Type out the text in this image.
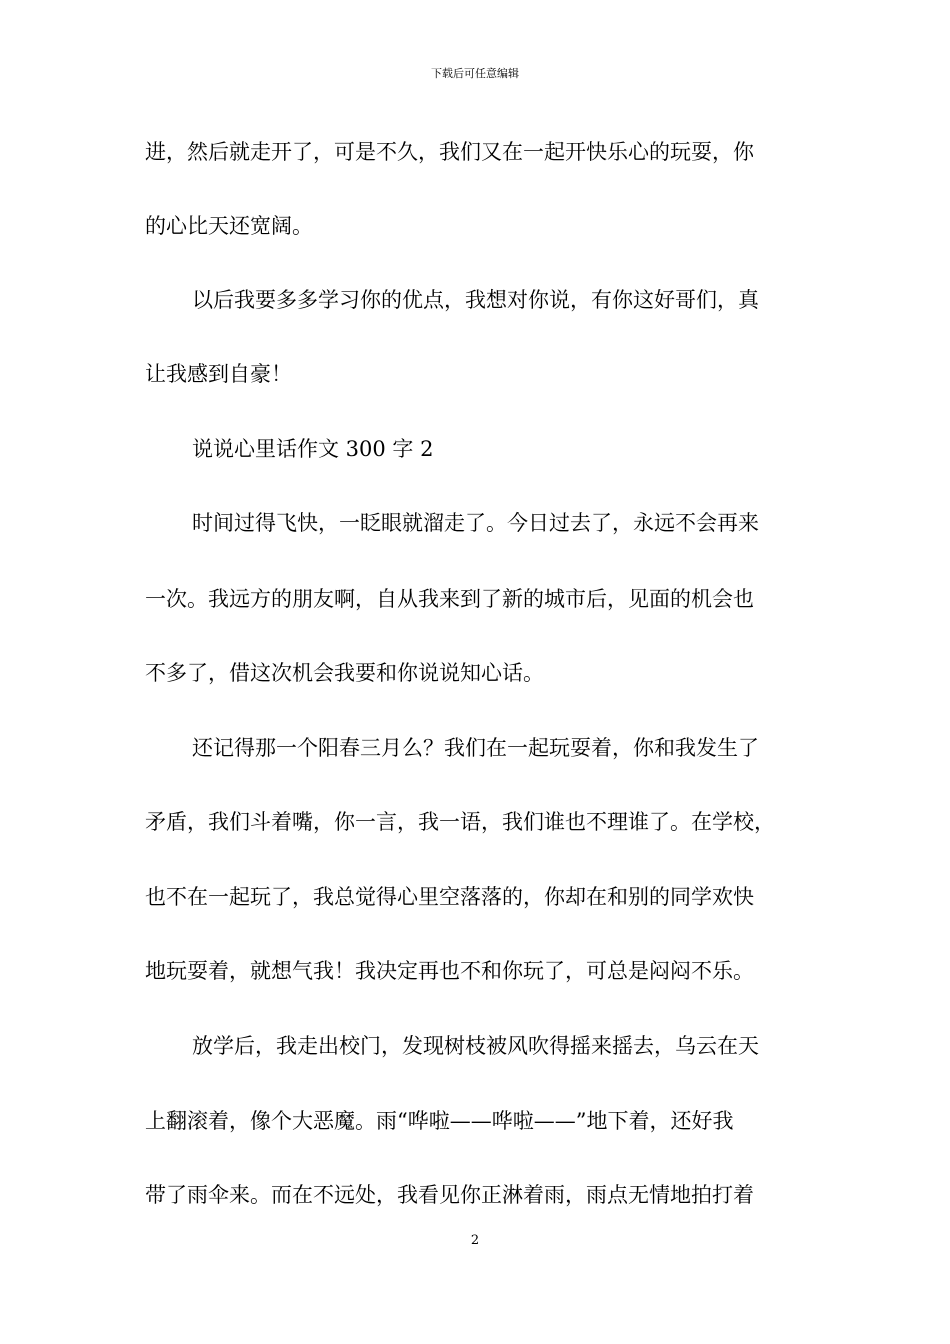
下载后可任意编辑
进，然后就走开了，可是不久，我们又在一起开快乐心的玩耍，你
的心比天还宽阔。
以后我要多多学习你的优点，我想对你说，有你这好哥们，真
让我感到自豪！
说说心里话作文 300 字 2
时间过得飞快，一眨眼就溜走了。今日过去了，永远不会再来
一次。我远方的朋友啊，自从我来到了新的城市后，见面的机会也
不多了，借这次机会我要和你说说知心话。
还记得那一个阳春三月么？我们在一起玩耍着，你和我发生了
矛盾，我们斗着嘴，你一言，我一语，我们谁也不理谁了。在学校，
也不在一起玩了，我总觉得心里空落落的，你却在和别的同学欢快
地玩耍着，就想气我！我决定再也不和你玩了，可总是闷闷不乐。
放学后，我走出校门，发现树枝被风吹得摇来摇去，乌云在天
上翻滚着，像个大恶魔。雨“哗啦——哗啦——”地下着，还好我
带了雨伞来。而在不远处，我看见你正淋着雨，雨点无情地拍打着
2
